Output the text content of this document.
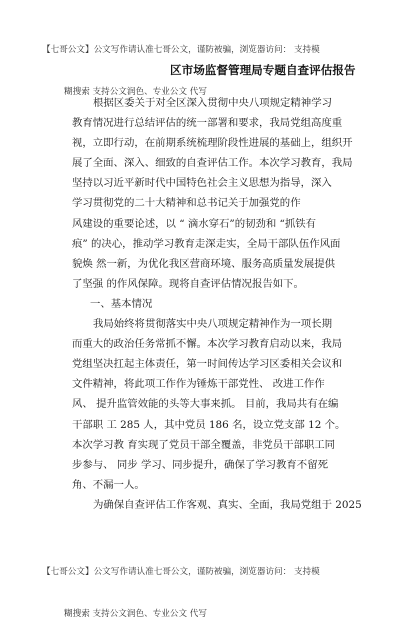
【七哥公文】公文写作请认准七哥公文，谨防被骗，浏览器访问： 支持模

糊搜索 支持公文润色、专业公文 代写

区市场监督管理局专题自查评估报告
根据区委关于对全区深入贯彻中央八项规定精神学习
教育情况进行总结评估的统一部署和要求，我局党组高度重
视，立即行动，在前期系统梳理阶段性进展的基础上，组织开
展了全面、深入、细致的自查评估工作。本次学习教育，我局
坚持以习近平新时代中国特色社会主义思想为指导，深入
学习贯彻党的二十大精神和总书记关于加强党的作
风建设的重要论述，以 “ 滴水穿石”的韧劲和 “抓铁有
痕” 的决心，推动学习教育走深走实，全局干部队伍作风面
貌焕 然一新，为优化我区营商环境、服务高质量发展提供
了坚强 的作风保障。现将自查评估情况报告如下。
一、基本情况
我局始终将贯彻落实中央八项规定精神作为一项长期
而重大的政治任务常抓不懈。本次学习教育启动以来，我局
党组坚决扛起主体责任，第一时间传达学习区委相关会议和
文件精神，将此项工作作为锤炼干部党性、 改进工作作
风、 提升监管效能的头等大事来抓。 目前，我局共有在编
干部职 工 285 人，其中党员 186 名，设立党支部 12 个。
本次学习教 育实现了党员干部全覆盖，非党员干部职工同
步参与、 同步 学习、同步提升，确保了学习教育不留死
角、不漏一人。
为确保自查评估工作客观、真实、全面，我局党组于 2025

【七哥公文】公文写作请认准七哥公文，谨防被骗，浏览器访问： 支持模

糊搜索 支持公文润色、专业公文 代写
